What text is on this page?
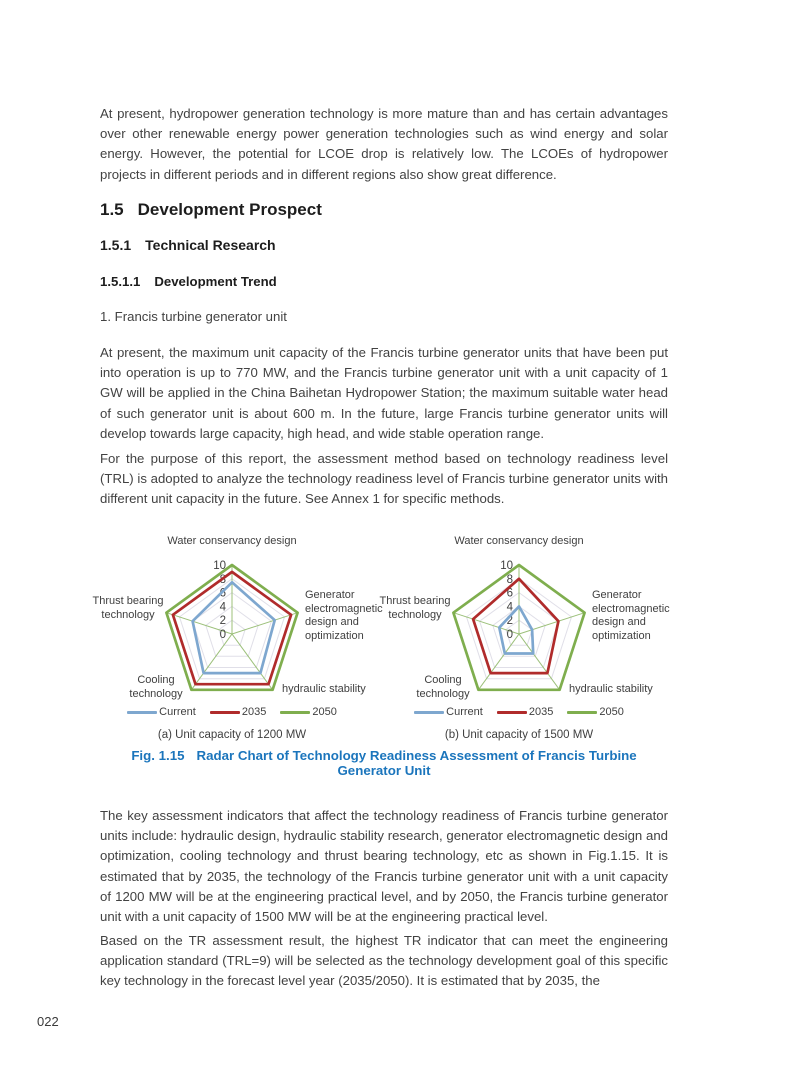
At present, hydropower generation technology is more mature than and has certain advantages over other renewable energy power generation technologies such as wind energy and solar energy. However, the potential for LCOE drop is relatively low. The LCOEs of hydropower projects in different periods and in different regions also show great difference.

1.5 Development Prospect
1.5.1 Technical Research
1.5.1.1 Development Trend
1. Francis turbine generator unit

At present, the maximum unit capacity of the Francis turbine generator units that have been put into operation is up to 770 MW, and the Francis turbine generator unit with a unit capacity of 1 GW will be applied in the China Baihetan Hydropower Station; the maximum suitable water head of such generator unit is about 600 m. In the future, large Francis turbine generator units will develop towards large capacity, high head, and wide stable operation range.

For the purpose of this report, the assessment method based on technology readiness level (TRL) is adopted to analyze the technology readiness level of Francis turbine generator units with different unit capacity in the future. See Annex 1 for specific methods.

Water conservancy design
Generator electromagnetic design and optimization
hydraulic stability
Cooling technology
Thrust bearing technology
0
2
4
6
8
10
Current	2035	2050
(a) Unit capacity of 1200 MW
Water conservancy design
Generator electromagnetic design and optimization
hydraulic stability
Cooling technology
Thrust bearing technology
0
2
4
6
8
10
Current	2035	2050
(b) Unit capacity of 1500 MW
Fig. 1.15 Radar Chart of Technology Readiness Assessment of Francis Turbine Generator Unit

The key assessment indicators that affect the technology readiness of Francis turbine generator units include: hydraulic design, hydraulic stability research, generator electromagnetic design and optimization, cooling technology and thrust bearing technology, etc as shown in Fig.1.15. It is estimated that by 2035, the technology of the Francis turbine generator unit with a unit capacity of 1200 MW will be at the engineering practical level, and by 2050, the Francis turbine generator unit with a unit capacity of 1500 MW will be at the engineering practical level.

Based on the TR assessment result, the highest TR indicator that can meet the engineering application standard (TRL=9) will be selected as the technology development goal of this specific key technology in the forecast level year (2035/2050). It is estimated that by 2035, the

022
